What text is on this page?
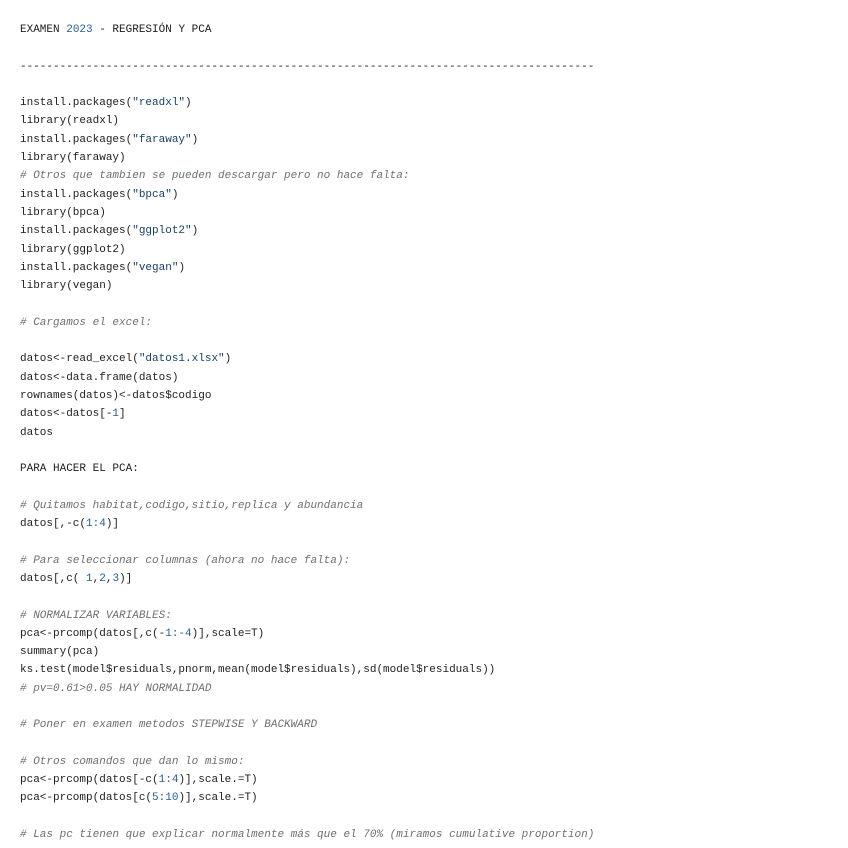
EXAMEN 2023 - REGRESIÓN Y PCA
---------------------------------------------------------------------------------------
install.packages("readxl")
library(readxl)
install.packages("faraway")
library(faraway)
# Otros que tambien se pueden descargar pero no hace falta:
install.packages("bpca")
library(bpca)
install.packages("ggplot2")
library(ggplot2)
install.packages("vegan")
library(vegan)
# Cargamos el excel:
datos<-read_excel("datos1.xlsx")
datos<-data.frame(datos)
rownames(datos)<-datos$codigo
datos<-datos[-1]
datos
PARA HACER EL PCA:
# Quitamos habitat,codigo,sitio,replica y abundancia
datos[,-c(1:4)]
# Para seleccionar columnas (ahora no hace falta):
datos[,c( 1,2,3)]
# NORMALIZAR VARIABLES:
pca<-prcomp(datos[,c(-1:-4)],scale=T)
summary(pca)
ks.test(model$residuals,pnorm,mean(model$residuals),sd(model$residuals))
# pv=0.61>0.05 HAY NORMALIDAD
# Poner en examen metodos STEPWISE Y BACKWARD
# Otros comandos que dan lo mismo:
pca<-prcomp(datos[-c(1:4)],scale.=T)
pca<-prcomp(datos[c(5:10)],scale.=T)
# Las pc tienen que explicar normalmente más que el 70% (miramos cumulative proportion)
